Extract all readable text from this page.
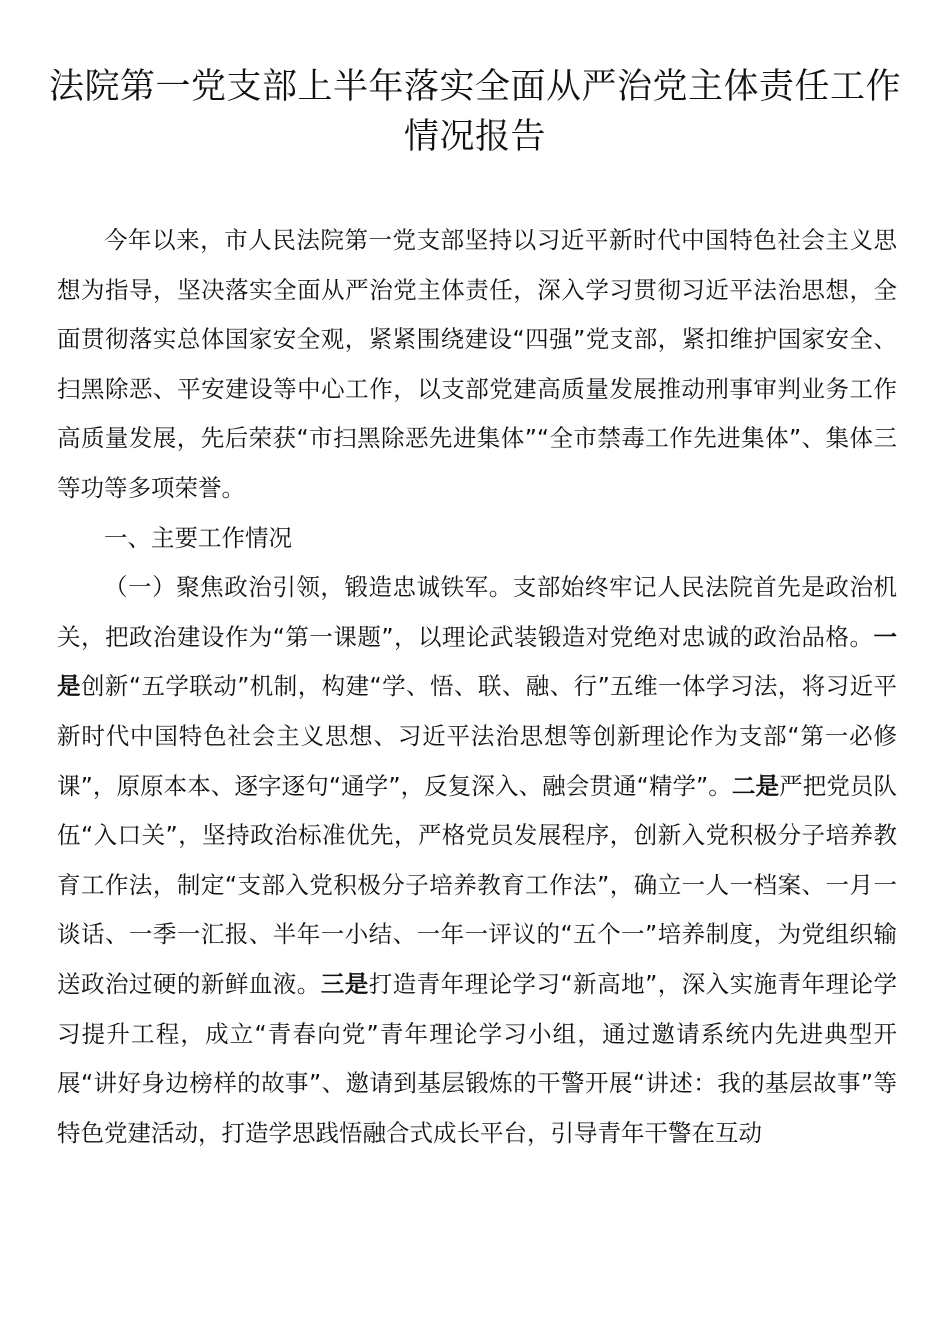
法院第一党支部上半年落实全面从严治党主体责任工作情况报告

今年以来，市人民法院第一党支部坚持以习近平新时代中国特色社会主义思想为指导，坚决落实全面从严治党主体责任，深入学习贯彻习近平法治思想，全面贯彻落实总体国家安全观，紧紧围绕建设“四强”党支部，紧扣维护国家安全、扫黑除恶、平安建设等中心工作，以支部党建高质量发展推动刑事审判业务工作高质量发展，先后荣获“市扫黑除恶先进集体”“全市禁毒工作先进集体”、集体三等功等多项荣誉。

一、主要工作情况

（一）聚焦政治引领，锻造忠诚铁军。支部始终牢记人民法院首先是政治机关，把政治建设作为“第一课题”，以理论武装锻造对党绝对忠诚的政治品格。一是创新“五学联动”机制，构建“学、悟、联、融、行”五维一体学习法，将习近平新时代中国特色社会主义思想、习近平法治思想等创新理论作为支部“第一必修课”，原原本本、逐字逐句“通学”，反复深入、融会贯通“精学”。二是严把党员队伍“入口关”，坚持政治标准优先，严格党员发展程序，创新入党积极分子培养教育工作法，制定“支部入党积极分子培养教育工作法”，确立一人一档案、一月一谈话、一季一汇报、半年一小结、一年一评议的“五个一”培养制度，为党组织输送政治过硬的新鲜血液。三是打造青年理论学习“新高地”，深入实施青年理论学习提升工程，成立“青春向党”青年理论学习小组，通过邀请系统内先进典型开展“讲好身边榜样的故事”、邀请到基层锻炼的干警开展“讲述：我的基层故事”等特色党建活动，打造学思践悟融合式成长平台，引导青年干警在互动
